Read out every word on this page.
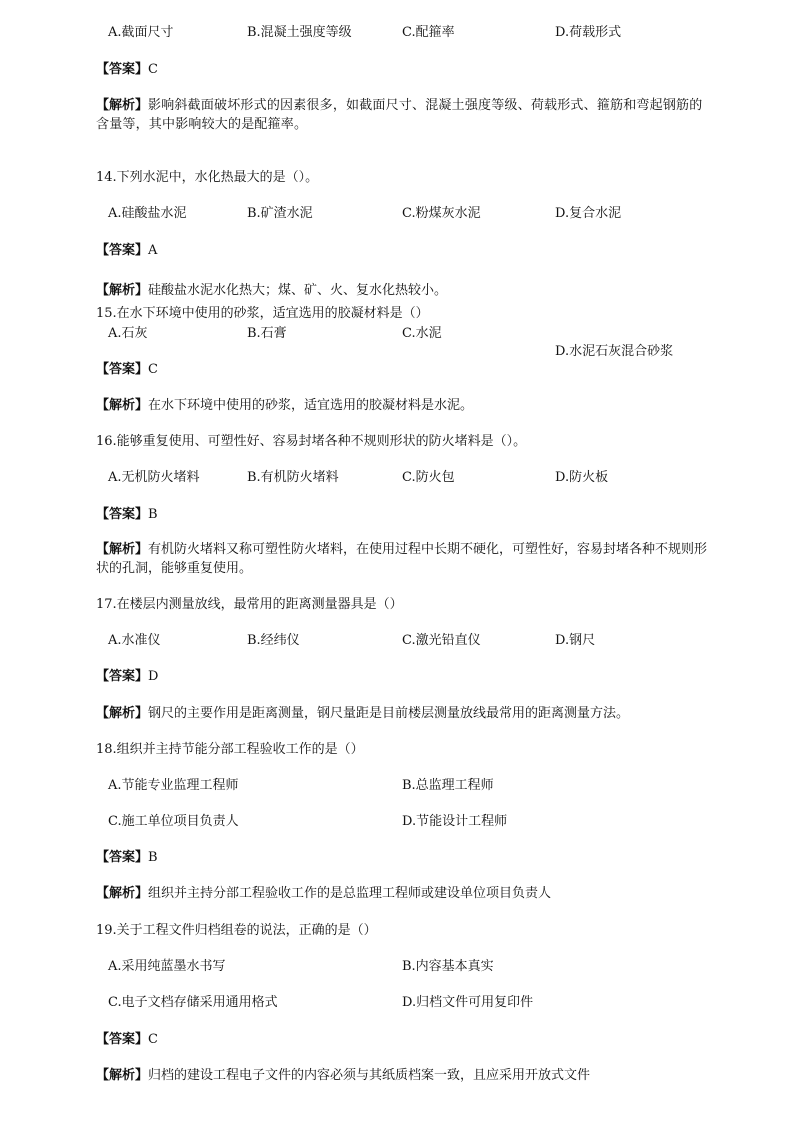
A.截面尺寸	B.混凝土强度等级	C.配箍率	D.荷载形式
【答案】C
【解析】影响斜截面破坏形式的因素很多，如截面尺寸、混凝土强度等级、荷载形式、箍筋和弯起钢筋的含量等，其中影响较大的是配箍率。
14.下列水泥中，水化热最大的是（）。
A.硅酸盐水泥	B.矿渣水泥	C.粉煤灰水泥	D.复合水泥
【答案】A
【解析】硅酸盐水泥水化热大；煤、矿、火、复水化热较小。
15.在水下环境中使用的砂浆，适宜选用的胶凝材料是（）
A.石灰	B.石膏	C.水泥
D.水泥石灰混合砂浆
【答案】C
【解析】在水下环境中使用的砂浆，适宜选用的胶凝材料是水泥。
16.能够重复使用、可塑性好、容易封堵各种不规则形状的防火堵料是（）。
A.无机防火堵料	B.有机防火堵料	C.防火包	D.防火板
【答案】B
【解析】有机防火堵料又称可塑性防火堵料，在使用过程中长期不硬化，可塑性好，容易封堵各种不规则形状的孔洞，能够重复使用。
17.在楼层内测量放线，最常用的距离测量器具是（）
A.水准仪	B.经纬仪	C.激光铅直仪	D.钢尺
【答案】D
【解析】钢尺的主要作用是距离测量，钢尺量距是目前楼层测量放线最常用的距离测量方法。
18.组织并主持节能分部工程验收工作的是（）
A.节能专业监理工程师	B.总监理工程师
C.施工单位项目负责人	D.节能设计工程师
【答案】B
【解析】组织并主持分部工程验收工作的是总监理工程师或建设单位项目负责人
19.关于工程文件归档组卷的说法，正确的是（）
A.采用纯蓝墨水书写	B.内容基本真实
C.电子文档存储采用通用格式	D.归档文件可用复印件
【答案】C
【解析】归档的建设工程电子文件的内容必须与其纸质档案一致，且应采用开放式文件
